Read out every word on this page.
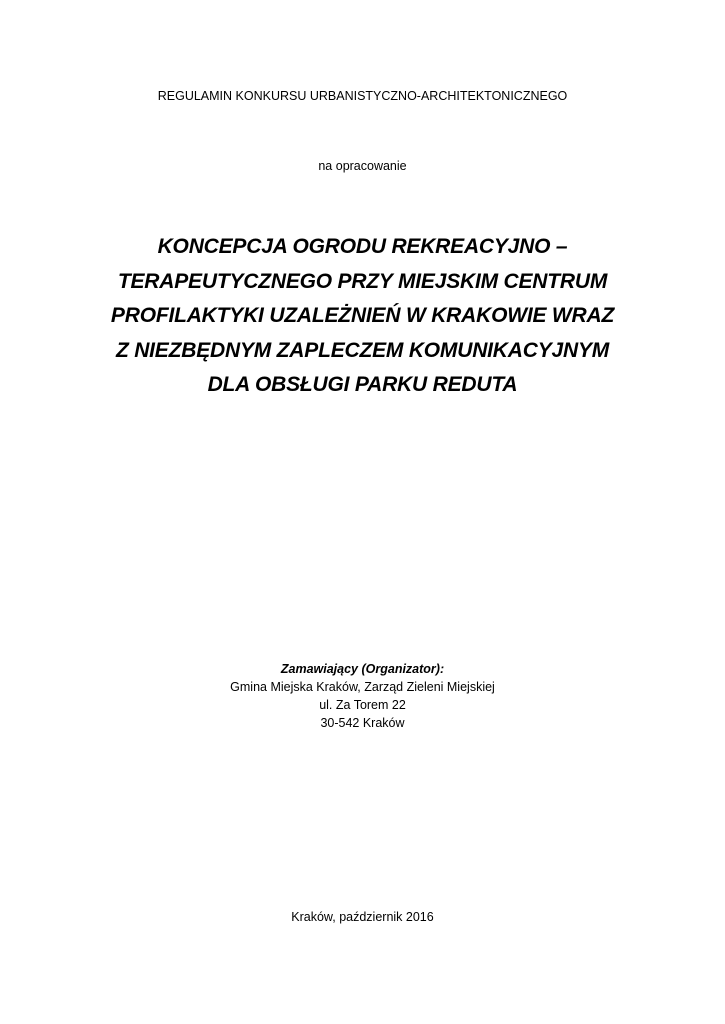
REGULAMIN KONKURSU URBANISTYCZNO-ARCHITEKTONICZNEGO
na opracowanie
KONCEPCJA OGRODU REKREACYJNO –
TERAPEUTYCZNEGO PRZY MIEJSKIM CENTRUM
PROFILAKTYKI UZALEŻNIEŃ W KRAKOWIE WRAZ
Z NIEZBĘDNYM ZAPLECZEM KOMUNIKACYJNYM
DLA OBSŁUGI PARKU REDUTA
Zamawiający (Organizator):
Gmina Miejska Kraków, Zarząd Zieleni Miejskiej
ul. Za Torem 22
30-542 Kraków
Kraków, październik 2016
